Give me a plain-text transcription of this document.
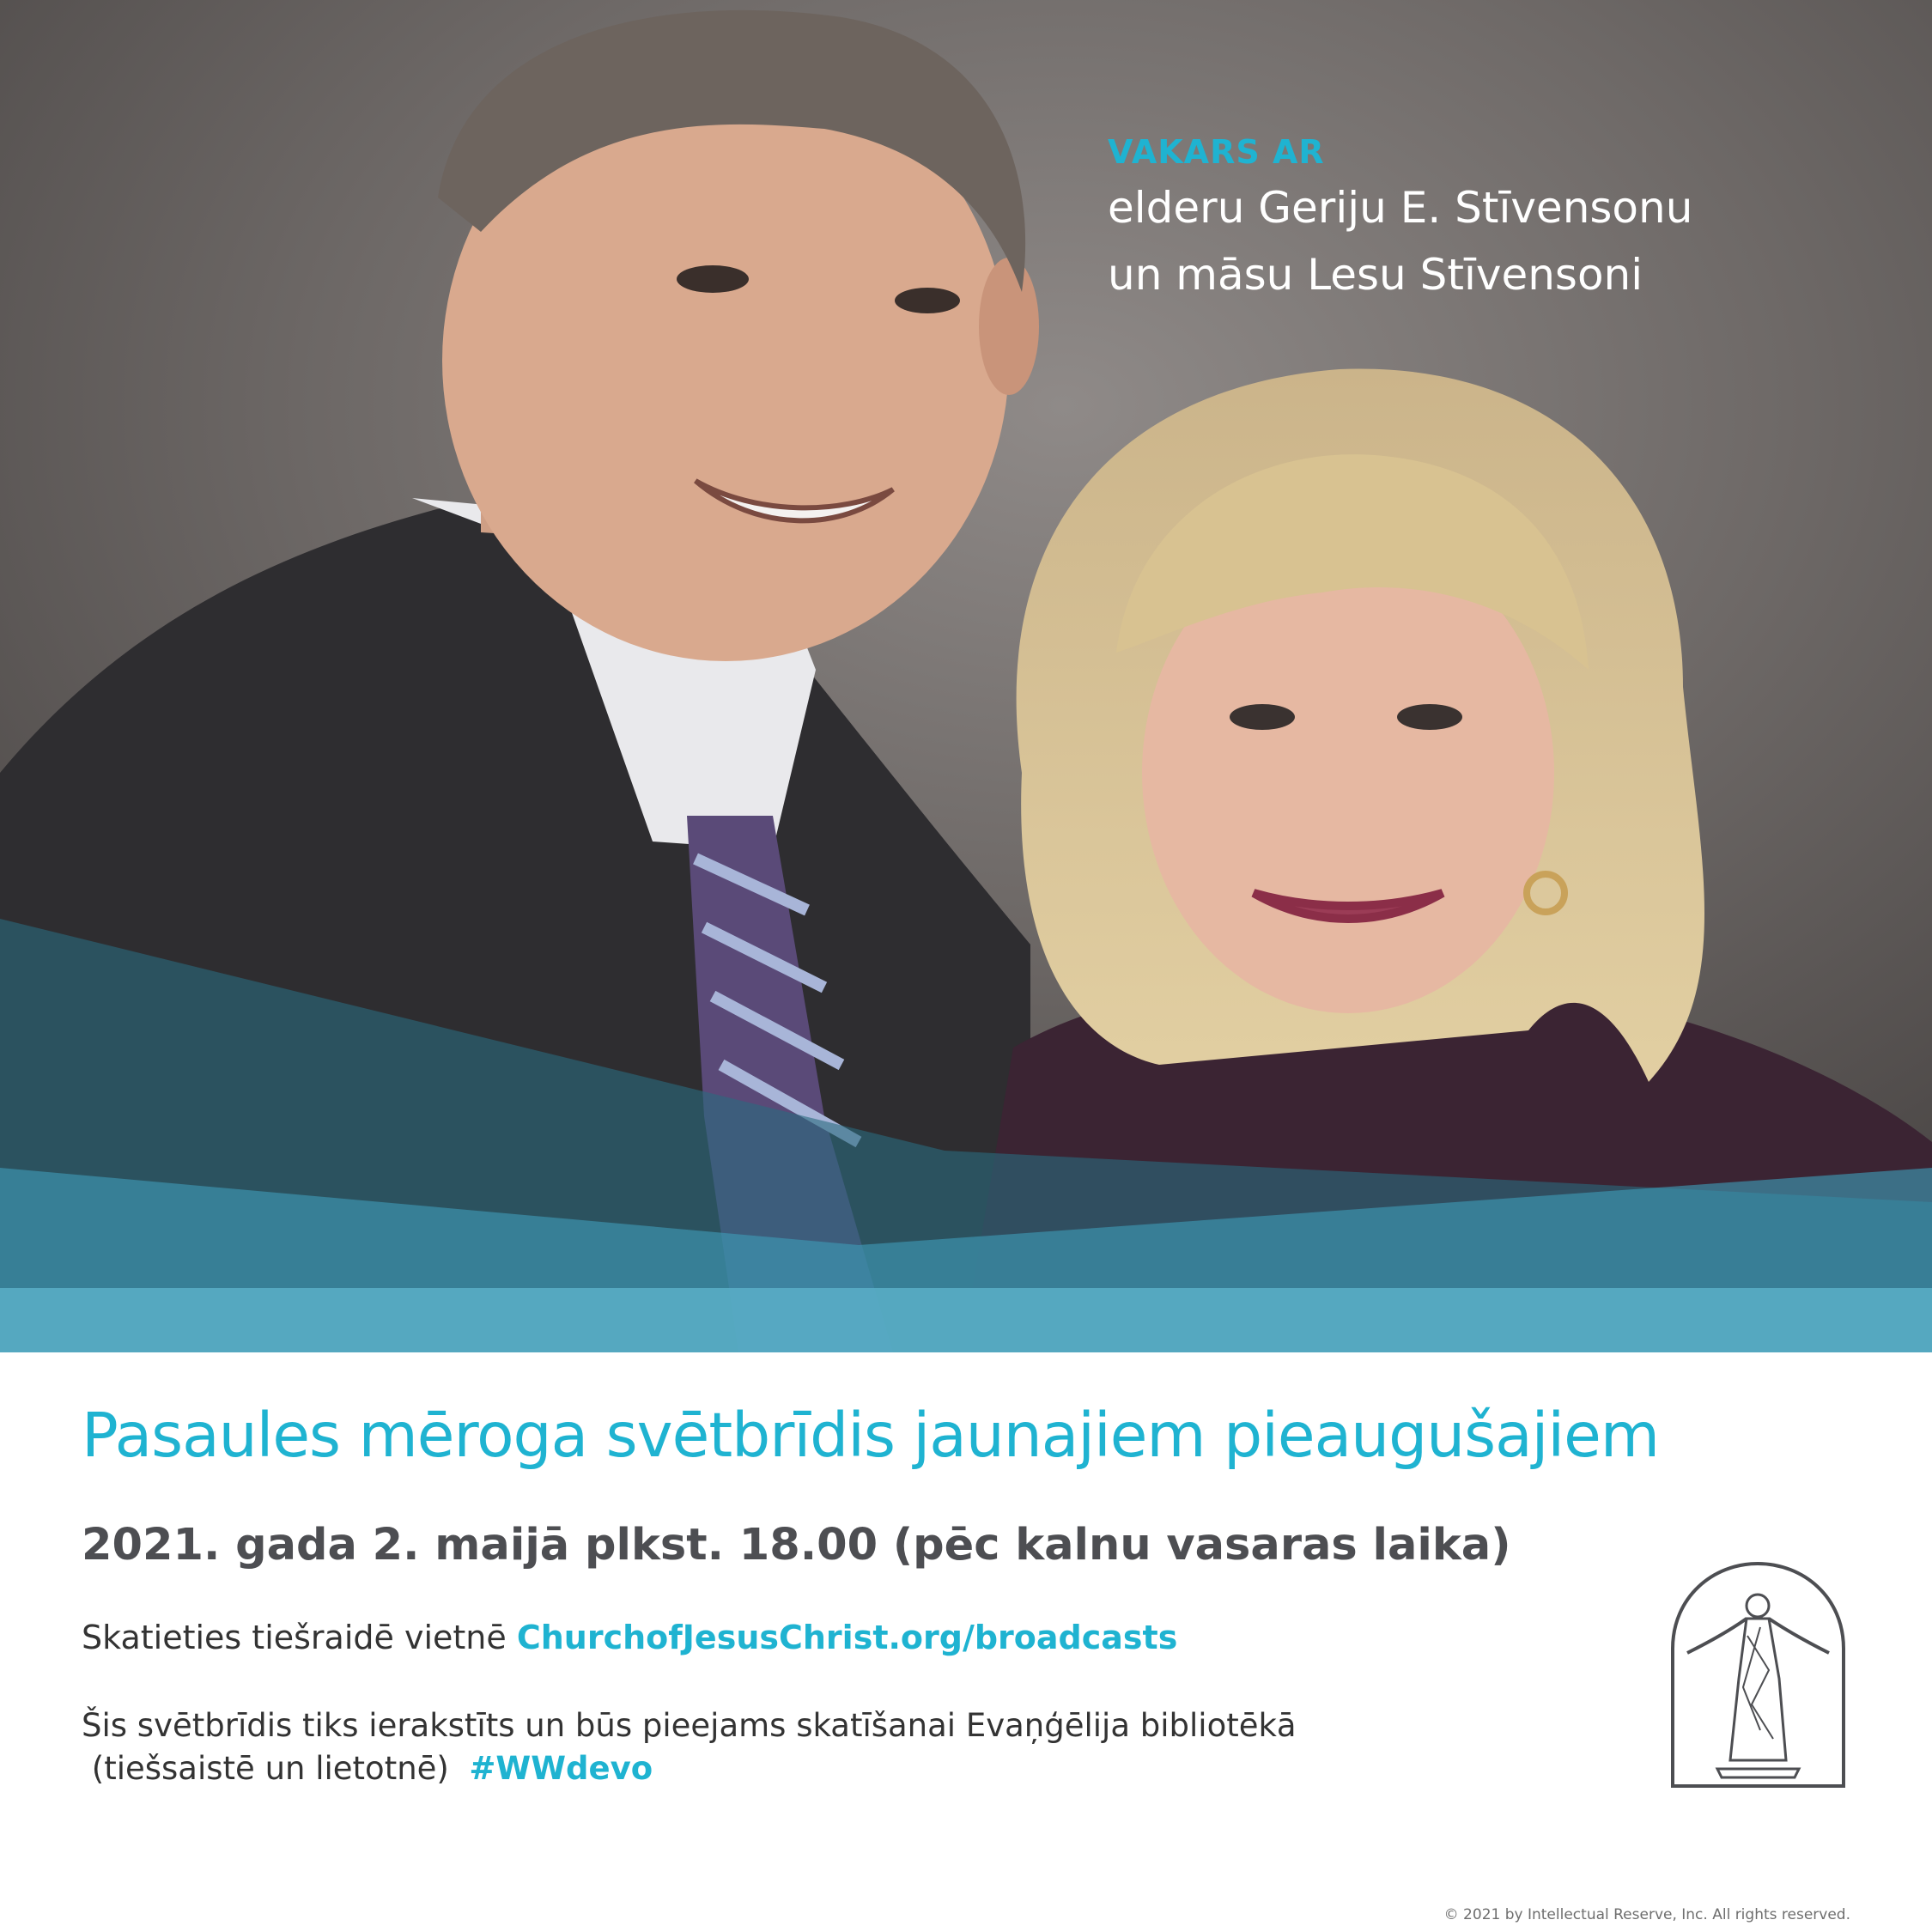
VAKARS AR
elderu Geriju E. Stīvensonu
un māsu Lesu Stīvensoni
Pasaules mēroga svētbrīdis jaunajiem pieaugušajiem
2021. gada 2. maijā plkst. 18.00 (pēc kalnu vasaras laika)
Skatieties tiešraidē vietnē ChurchofJesusChrist.org/broadcasts
Šis svētbrīdis tiks ierakstīts un būs pieejams skatīšanai Evaņģēlija bibliotēkā
(tiešsaistē un lietotnē)  #WWdevo
© 2021 by Intellectual Reserve, Inc. All rights reserved.
